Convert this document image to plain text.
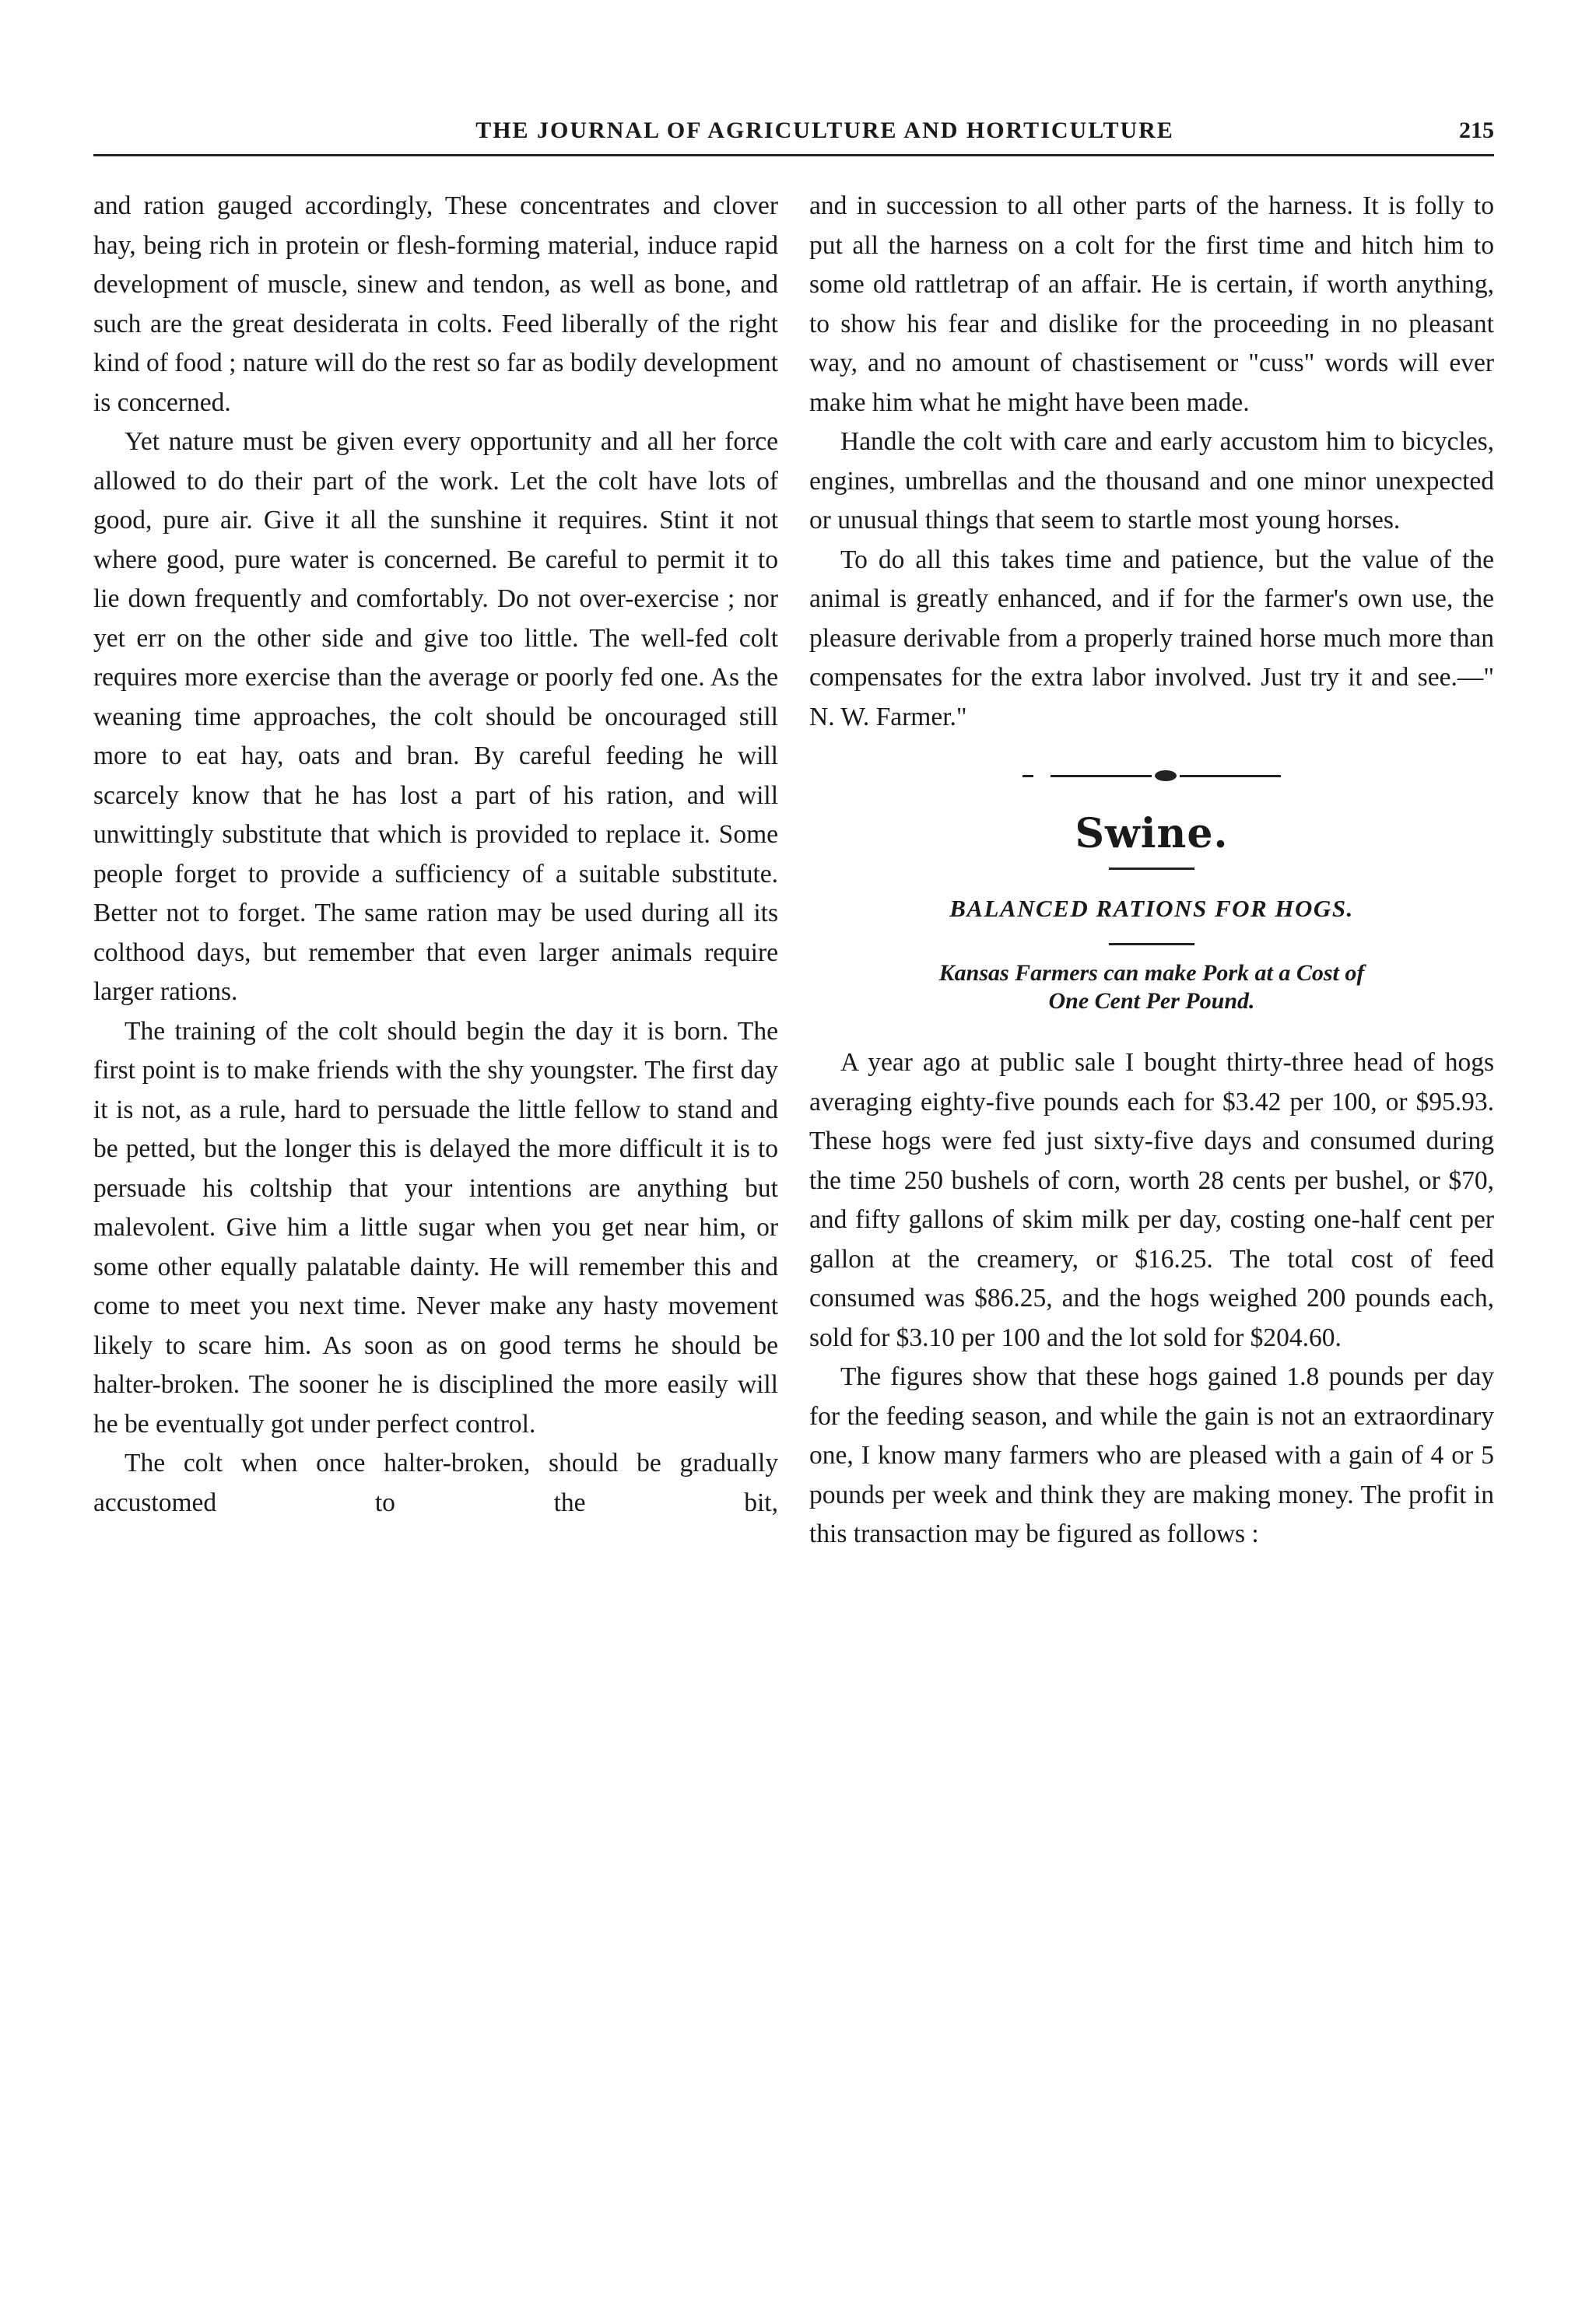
THE JOURNAL OF AGRICULTURE AND HORTICULTURE	215

and ration gauged accordingly, These concentrates and clover hay, being rich in protein or flesh-forming material, induce rapid development of muscle, sinew and tendon, as well as bone, and such are the great desiderata in colts. Feed liberally of the right kind of food ; nature will do the rest so far as bodily development is concerned.

Yet nature must be given every opportunity and all her force allowed to do their part of the work. Let the colt have lots of good, pure air. Give it all the sunshine it requires. Stint it not where good, pure water is concerned. Be careful to permit it to lie down frequently and comfortably. Do not over-exercise ; nor yet err on the other side and give too little. The well-fed colt requires more exercise than the average or poorly fed one. As the weaning time approaches, the colt should be oncouraged still more to eat hay, oats and bran. By careful feeding he will scarcely know that he has lost a part of his ration, and will unwittingly substitute that which is provided to replace it. Some people forget to provide a sufficiency of a suitable substitute. Better not to forget. The same ration may be used during all its colthood days, but remember that even larger animals require larger rations.

The training of the colt should begin the day it is born. The first point is to make friends with the shy youngster. The first day it is not, as a rule, hard to persuade the little fellow to stand and be petted, but the longer this is delayed the more difficult it is to persuade his coltship that your intentions are anything but malevolent. Give him a little sugar when you get near him, or some other equally palatable dainty. He will remember this and come to meet you next time. Never make any hasty movement likely to scare him. As soon as on good terms he should be halter-broken. The sooner he is disciplined the more easily will he be eventually got under perfect control.

The colt when once halter-broken, should be gradually accustomed to the bit,

and in succession to all other parts of the harness. It is folly to put all the harness on a colt for the first time and hitch him to some old rattletrap of an affair. He is certain, if worth anything, to show his fear and dislike for the proceeding in no pleasant way, and no amount of chastisement or "cuss" words will ever make him what he might have been made.

Handle the colt with care and early accustom him to bicycles, engines, umbrellas and the thousand and one minor unexpected or unusual things that seem to startle most young horses.

To do all this takes time and patience, but the value of the animal is greatly enhanced, and if for the farmer's own use, the pleasure derivable from a properly trained horse much more than compensates for the extra labor involved. Just try it and see.—" N. W. Farmer."

Swine.
BALANCED RATIONS FOR HOGS.
Kansas Farmers can make Pork at a Cost of
One Cent Per Pound.

A year ago at public sale I bought thirty-three head of hogs averaging eighty-five pounds each for $3.42 per 100, or $95.93. These hogs were fed just sixty-five days and consumed during the time 250 bushels of corn, worth 28 cents per bushel, or $70, and fifty gallons of skim milk per day, costing one-half cent per gallon at the creamery, or $16.25. The total cost of feed consumed was $86.25, and the hogs weighed 200 pounds each, sold for $3.10 per 100 and the lot sold for $204.60.

The figures show that these hogs gained 1.8 pounds per day for the feeding season, and while the gain is not an extraordinary one, I know many farmers who are pleased with a gain of 4 or 5 pounds per week and think they are making money. The profit in this transaction may be figured as follows :
